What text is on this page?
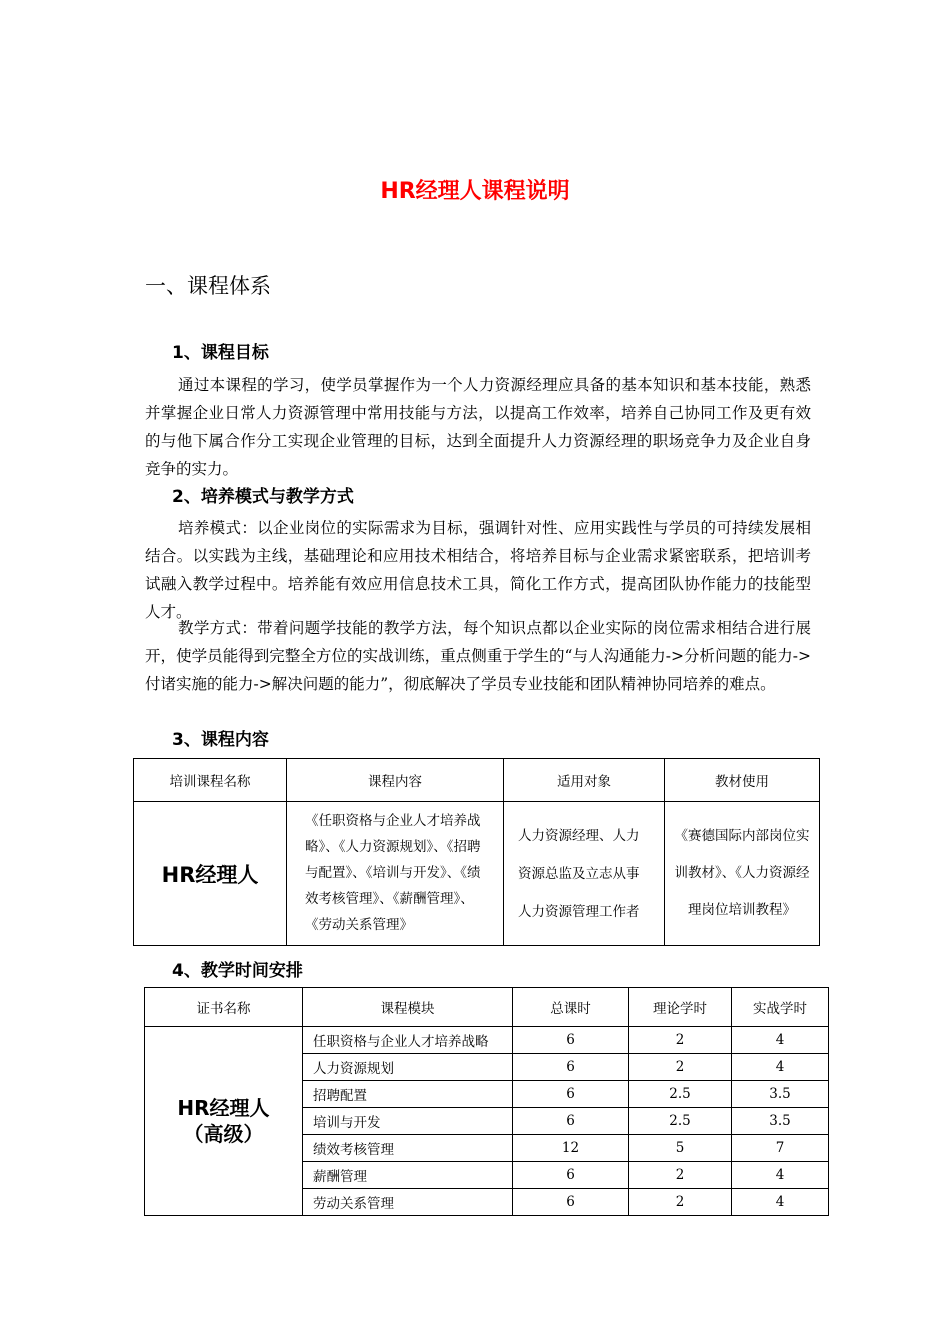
HR经理人课程说明
一、课程体系
1、课程目标
通过本课程的学习，使学员掌握作为一个人力资源经理应具备的基本知识和基本技能，熟悉并掌握企业日常人力资源管理中常用技能与方法，以提高工作效率，培养自己协同工作及更有效的与他下属合作分工实现企业管理的目标，达到全面提升人力资源经理的职场竞争力及企业自身竞争的实力。
2、培养模式与教学方式
培养模式：以企业岗位的实际需求为目标，强调针对性、应用实践性与学员的可持续发展相结合。以实践为主线，基础理论和应用技术相结合，将培养目标与企业需求紧密联系，把培训考试融入教学过程中。培养能有效应用信息技术工具，简化工作方式，提高团队协作能力的技能型人才。
教学方式：带着问题学技能的教学方法，每个知识点都以企业实际的岗位需求相结合进行展开，使学员能得到完整全方位的实战训练，重点侧重于学生的“与人沟通能力->分析问题的能力->付诸实施的能力->解决问题的能力”，彻底解决了学员专业技能和团队精神协同培养的难点。
3、课程内容
培训课程名称	课程内容	适用对象	教材使用
HR经理人	《任职资格与企业人才培养战略》、《人力资源规划》、《招聘与配置》、《培训与开发》、《绩效考核管理》、《薪酬管理》、《劳动关系管理》	人力资源经理、人力资源总监及立志从事人力资源管理工作者	《赛德国际内部岗位实训教材》、《人力资源经理岗位培训教程》
4、教学时间安排
证书名称	课程模块	总课时	理论学时	实战学时

HR经理人
（高级）	任职资格与企业人才培养战略	6	2	4
	人力资源规划	6	2	4
	招聘配置	6	2.5	3.5
	培训与开发	6	2.5	3.5
	绩效考核管理	12	5	7
	薪酬管理	6	2	4
	劳动关系管理	6	2	4
